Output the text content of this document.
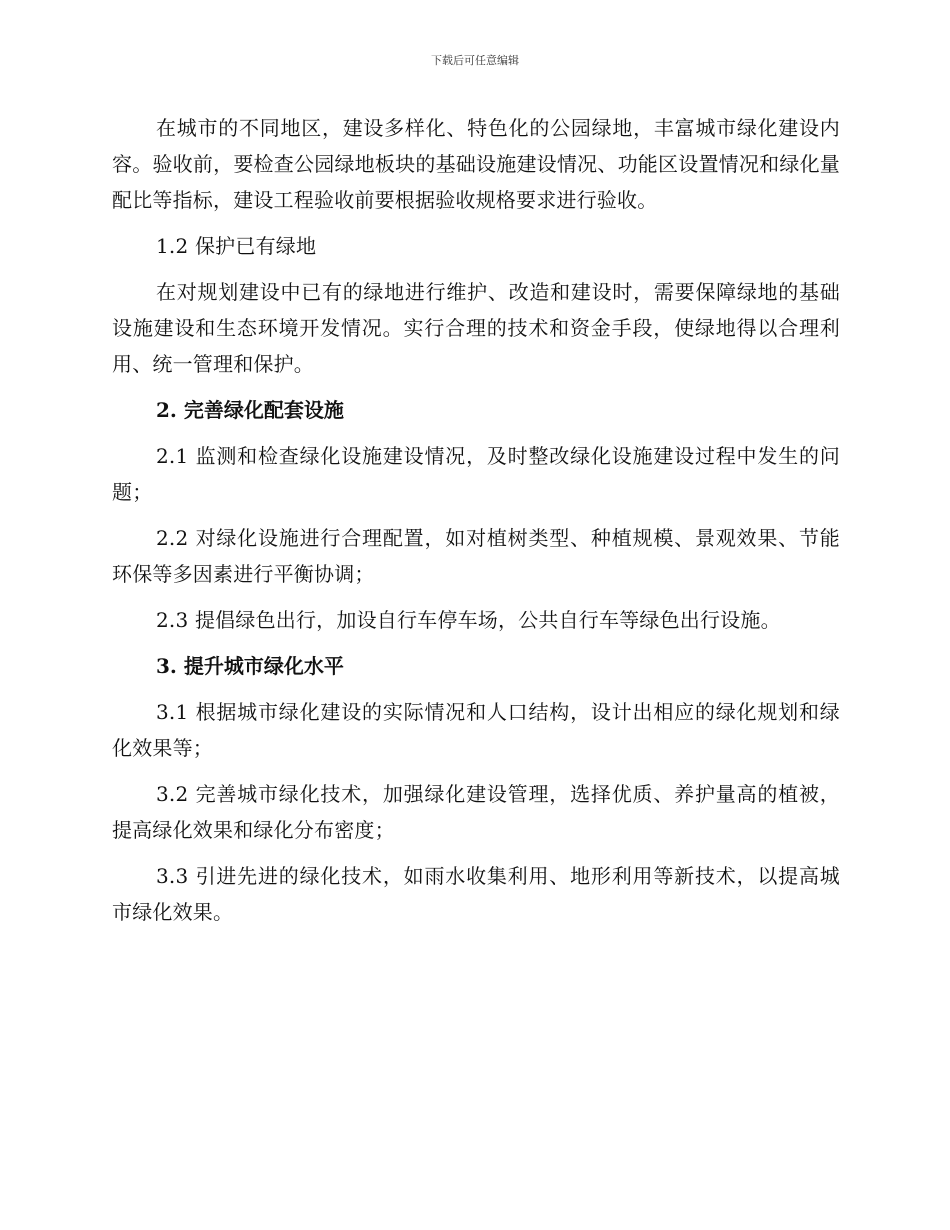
下载后可任意编辑

在城市的不同地区，建设多样化、特色化的公园绿地，丰富城市绿化建设内容。验收前，要检查公园绿地板块的基础设施建设情况、功能区设置情况和绿化量配比等指标，建设工程验收前要根据验收规格要求进行验收。

1.2 保护已有绿地

在对规划建设中已有的绿地进行维护、改造和建设时，需要保障绿地的基础设施建设和生态环境开发情况。实行合理的技术和资金手段，使绿地得以合理利用、统一管理和保护。

2. 完善绿化配套设施

2.1 监测和检查绿化设施建设情况，及时整改绿化设施建设过程中发生的问题；

2.2 对绿化设施进行合理配置，如对植树类型、种植规模、景观效果、节能环保等多因素进行平衡协调；

2.3 提倡绿色出行，加设自行车停车场，公共自行车等绿色出行设施。

3. 提升城市绿化水平

3.1 根据城市绿化建设的实际情况和人口结构，设计出相应的绿化规划和绿化效果等；

3.2 完善城市绿化技术，加强绿化建设管理，选择优质、养护量高的植被，提高绿化效果和绿化分布密度；

3.3 引进先进的绿化技术，如雨水收集利用、地形利用等新技术，以提高城市绿化效果。
